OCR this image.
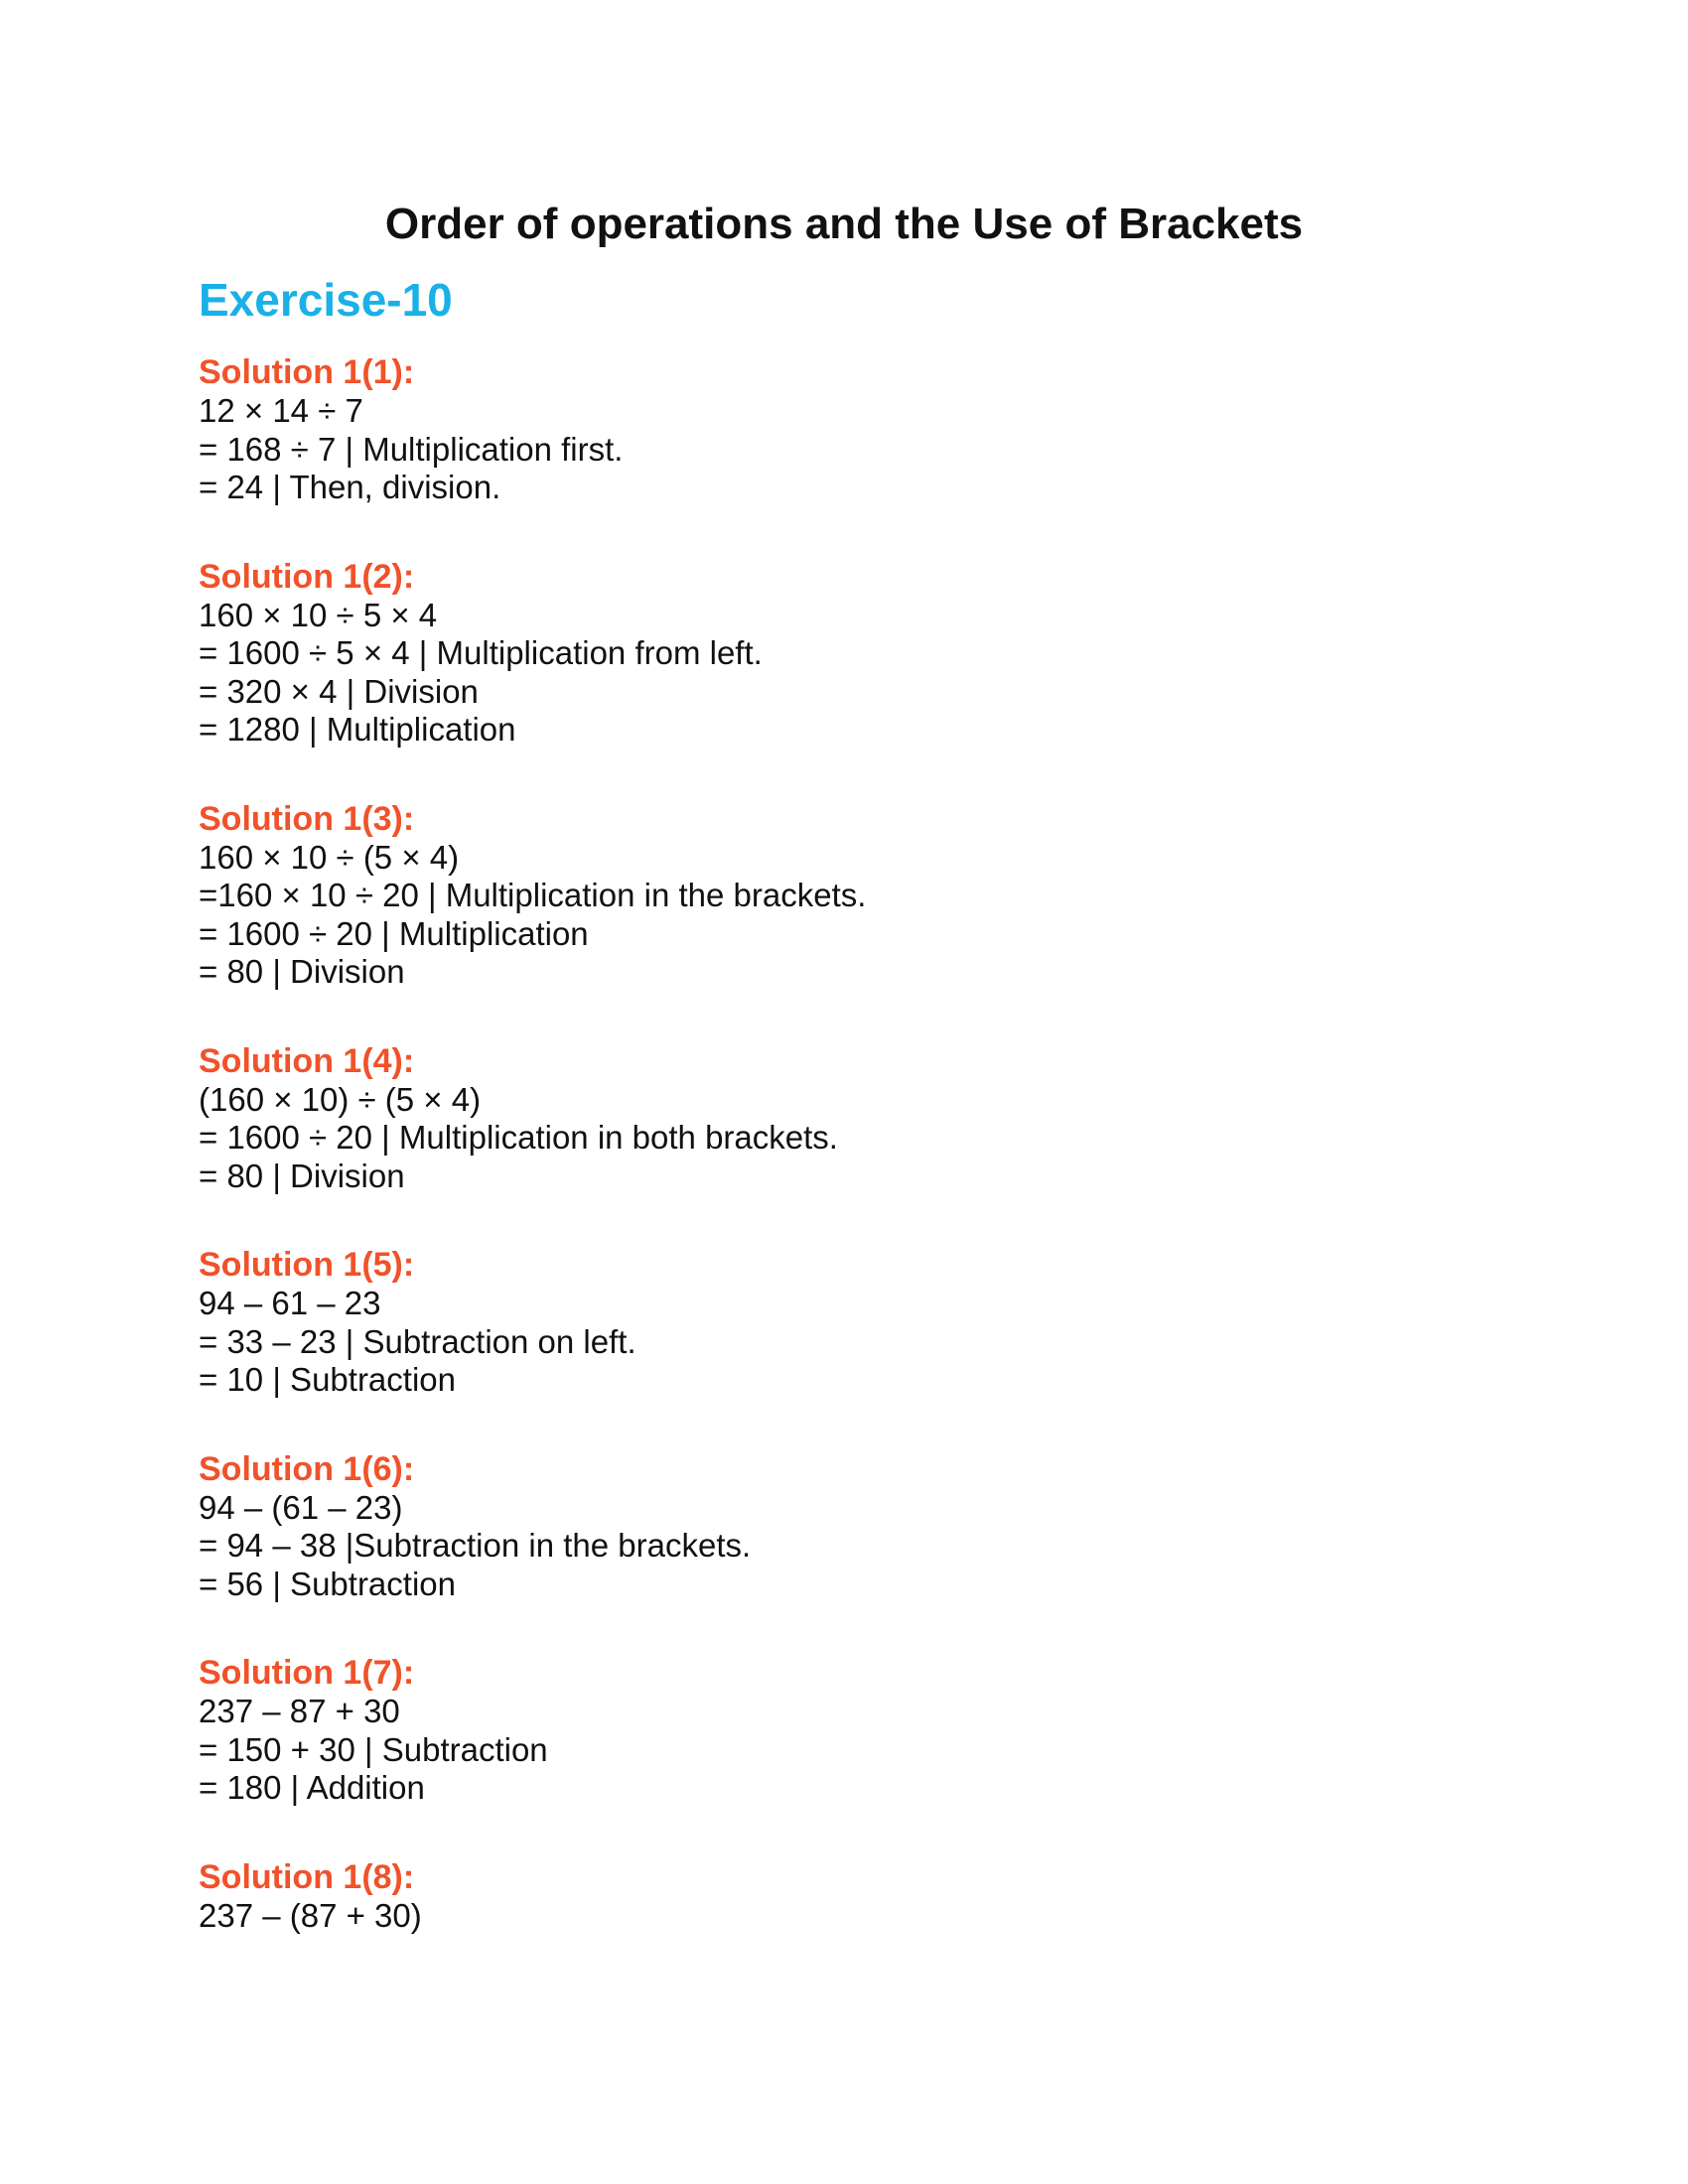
Order of operations and the Use of Brackets
Exercise-10
Solution 1(1):
12 × 14 ÷ 7
= 168 ÷ 7 | Multiplication first.
= 24 | Then, division.
Solution 1(2):
160 × 10 ÷ 5 × 4
= 1600 ÷ 5 × 4 | Multiplication from left.
= 320 × 4 | Division
= 1280 | Multiplication
Solution 1(3):
160 × 10 ÷ (5 × 4)
=160 × 10 ÷ 20 | Multiplication in the brackets.
= 1600 ÷ 20 | Multiplication
= 80 | Division
Solution 1(4):
(160 × 10) ÷ (5 × 4)
= 1600 ÷ 20 | Multiplication in both brackets.
= 80 | Division
Solution 1(5):
94 – 61 – 23
= 33 – 23 | Subtraction on left.
= 10 | Subtraction
Solution 1(6):
94 – (61 – 23)
= 94 – 38 |Subtraction in the brackets.
= 56 | Subtraction
Solution 1(7):
237 – 87 + 30
= 150 + 30 | Subtraction
= 180 | Addition
Solution 1(8):
237 – (87 + 30)
